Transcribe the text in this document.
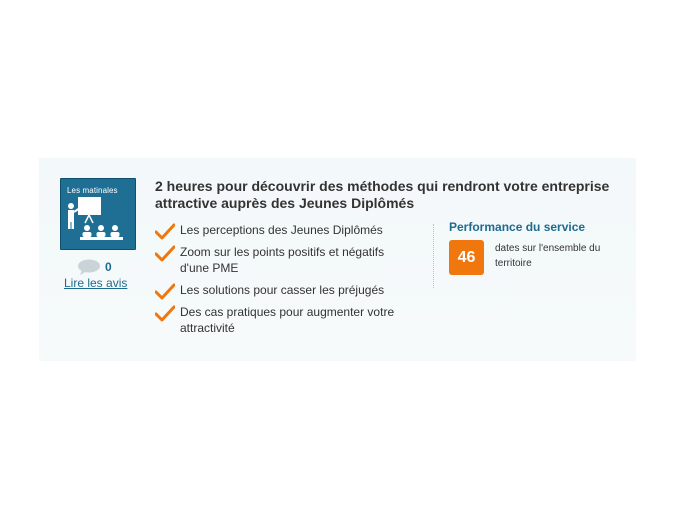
Les matinales
0
Lire les avis
2 heures pour découvrir des méthodes qui rendront votre entreprise attractive auprès des Jeunes Diplômés
Les perceptions des Jeunes Diplômés
Zoom sur les points positifs et négatifs d'une PME
Les solutions pour casser les préjugés
Des cas pratiques pour augmenter votre attractivité
Performance du service
46	dates sur l'ensemble du territoire
